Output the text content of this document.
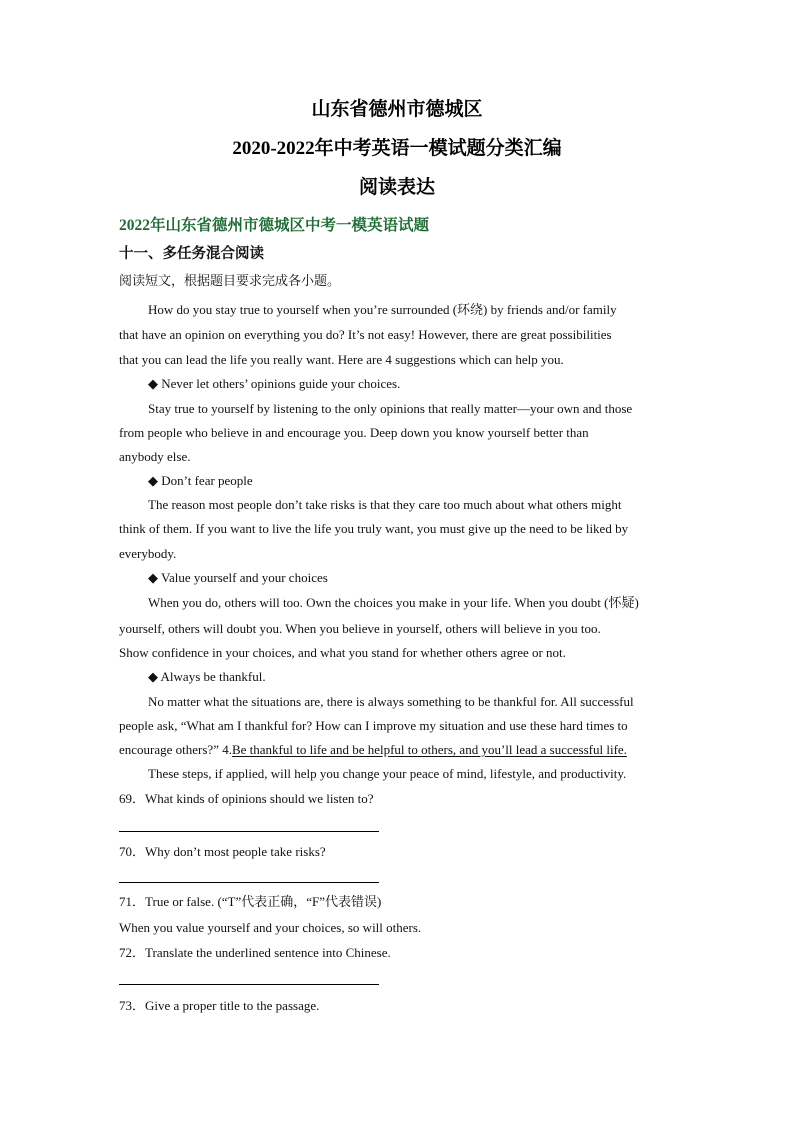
山东省德州市德城区
2020-2022年中考英语一模试题分类汇编
阅读表达
2022年山东省德州市德城区中考一模英语试题
十一、多任务混合阅读
阅读短文，根据题目要求完成各小题。
How do you stay true to yourself when you’re surrounded (环绕) by friends and/or family
that have an opinion on everything you do? It’s not easy! However, there are great possibilities
that you can lead the life you really want. Here are 4 suggestions which can help you.
◆ Never let others’ opinions guide your choices.
Stay true to yourself by listening to the only opinions that really matter—your own and those
from people who believe in and encourage you. Deep down you know yourself better than
anybody else.
◆ Don’t fear people
The reason most people don’t take risks is that they care too much about what others might
think of them. If you want to live the life you truly want, you must give up the need to be liked by
everybody.
◆ Value yourself and your choices
When you do, others will too. Own the choices you make in your life. When you doubt (怀疑)
yourself, others will doubt you. When you believe in yourself, others will believe in you too.
Show confidence in your choices, and what you stand for whether others agree or not.
◆ Always be thankful.
No matter what the situations are, there is always something to be thankful for. All successful
people ask, “What am I thankful for? How can I improve my situation and use these hard times to
encourage others?” 4.Be thankful to life and be helpful to others, and you’ll lead a successful life.
These steps, if applied, will help you change your peace of mind, lifestyle, and productivity.
69．What kinds of opinions should we listen to?
70．Why don’t most people take risks?
71．True or false. (“T”代表正确，“F”代表错误)
When you value yourself and your choices, so will others.
72．Translate the underlined sentence into Chinese.
73．Give a proper title to the passage.
